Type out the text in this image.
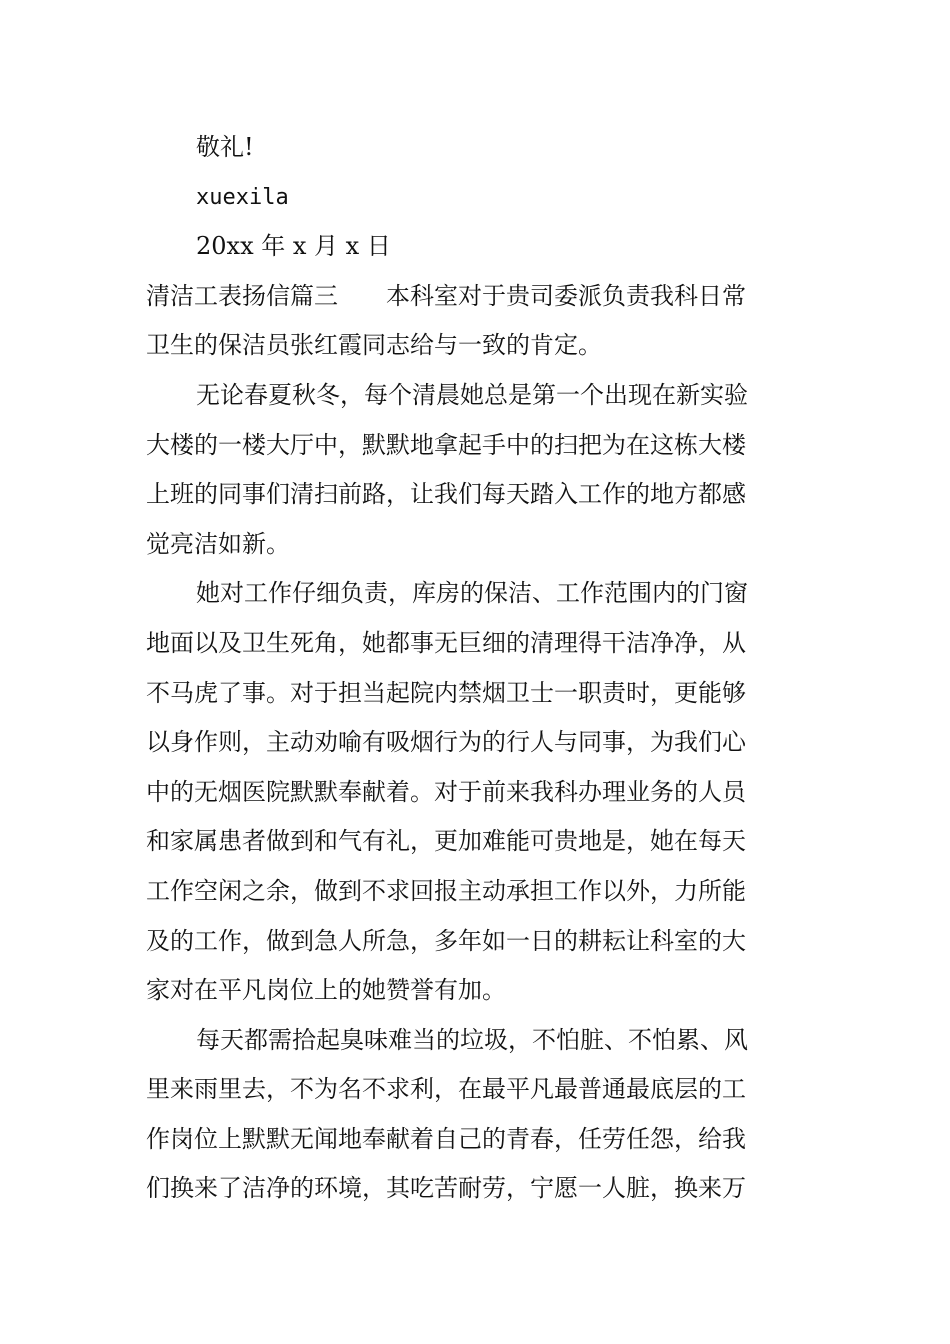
敬礼!
xuexila
20xx 年 x 月 x 日
清洁工表扬信篇三　　本科室对于贵司委派负责我科日常
卫生的保洁员张红霞同志给与一致的肯定。
无论春夏秋冬，每个清晨她总是第一个出现在新实验
大楼的一楼大厅中，默默地拿起手中的扫把为在这栋大楼
上班的同事们清扫前路，让我们每天踏入工作的地方都感
觉亮洁如新。
她对工作仔细负责，库房的保洁、工作范围内的门窗
地面以及卫生死角，她都事无巨细的清理得干洁净净，从
不马虎了事。对于担当起院内禁烟卫士一职责时，更能够
以身作则，主动劝喻有吸烟行为的行人与同事，为我们心
中的无烟医院默默奉献着。对于前来我科办理业务的人员
和家属患者做到和气有礼，更加难能可贵地是，她在每天
工作空闲之余，做到不求回报主动承担工作以外，力所能
及的工作，做到急人所急，多年如一日的耕耘让科室的大
家对在平凡岗位上的她赞誉有加。
每天都需拾起臭味难当的垃圾，不怕脏、不怕累、风
里来雨里去，不为名不求利，在最平凡最普通最底层的工
作岗位上默默无闻地奉献着自己的青春，任劳任怨，给我
们换来了洁净的环境，其吃苦耐劳，宁愿一人脏，换来万
